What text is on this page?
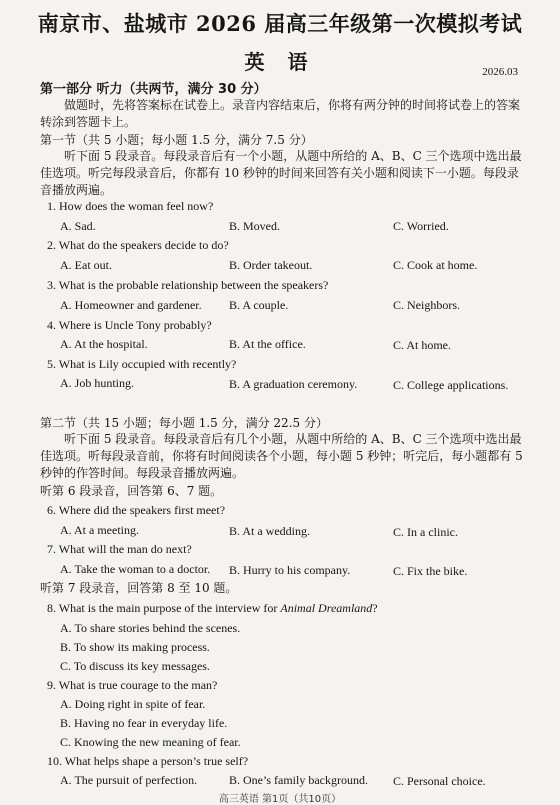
南京市、盐城市 2026 届高三年级第一次模拟考试
英 语	2026.03
第一部分 听力（共两节，满分 30 分）
做题时，先将答案标在试卷上。录音内容结束后，你将有两分钟的时间将试卷上的答案转涂到答题卡上。
第一节（共 5 小题；每小题 1.5 分，满分 7.5 分）
听下面 5 段录音。每段录音后有一个小题，从题中所给的 A、B、C 三个选项中选出最佳选项。听完每段录音后，你都有 10 秒钟的时间来回答有关小题和阅读下一小题。每段录音播放两遍。
1. How does the woman feel now?
A. Sad.	B. Moved.	C. Worried.
2. What do the speakers decide to do?
A. Eat out.	B. Order takeout.	C. Cook at home.
3. What is the probable relationship between the speakers?
A. Homeowner and gardener. B. A couple.	C. Neighbors.
4. Where is Uncle Tony probably?
A. At the hospital.	B. At the office.	C. At home.
5. What is Lily occupied with recently?
A. Job hunting.	B. A graduation ceremony.	C. College applications.
第二节（共 15 小题；每小题 1.5 分，满分 22.5 分）
听下面 5 段录音。每段录音后有几个小题，从题中所给的 A、B、C 三个选项中选出最佳选项。听每段录音前，你将有时间阅读各个小题，每小题 5 秒钟；听完后，每小题都有 5 秒钟的作答时间。每段录音播放两遍。
听第 6 段录音，回答第 6、7 题。
6. Where did the speakers first meet?
A. At a meeting.	B. At a wedding.	C. In a clinic.
7. What will the man do next?
A. Take the woman to a doctor. B. Hurry to his company.	C. Fix the bike.
听第 7 段录音，回答第 8 至 10 题。
8. What is the main purpose of the interview for Animal Dreamland?
A. To share stories behind the scenes.
B. To show its making process.
C. To discuss its key messages.
9. What is true courage to the man?
A. Doing right in spite of fear.
B. Having no fear in everyday life.
C. Knowing the new meaning of fear.
10. What helps shape a person’s true self?
A. The pursuit of perfection.	B. One’s family background. C. Personal choice.
高三英语 第1页（共10页）
